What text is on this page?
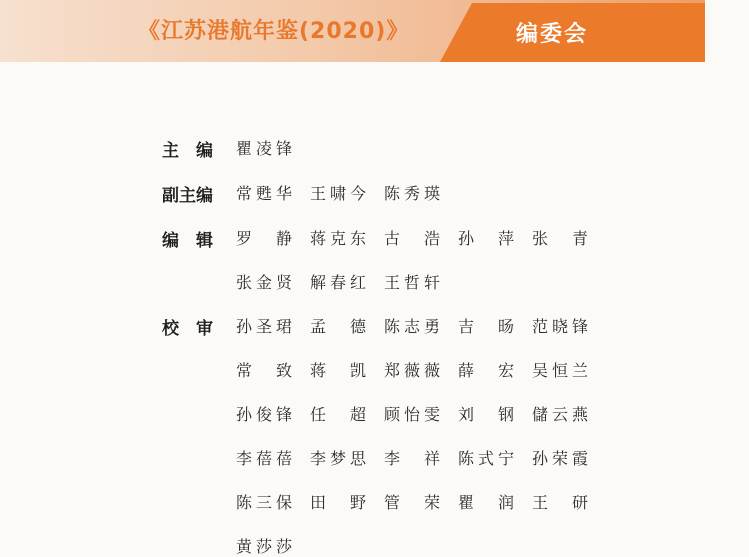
《江苏港航年鉴(2020)》	编委会
主编
副主编
编辑
校审
瞿凌锋
常甦华 王啸今 陈秀瑛
罗静 蒋克东 古浩 孙萍 张青
张金贤 解春红 王哲轩
孙圣珺 孟德 陈志勇 吉旸 范晓锋
常致 蒋凯 郑薇薇 薛宏 吴恒兰
孙俊锋 任超 顾怡雯 刘钢 儲云燕
李蓓蓓 李梦思 李祥 陈式宁 孙荣霞
陈三保 田野 管荣 瞿润 王研
黄莎莎
